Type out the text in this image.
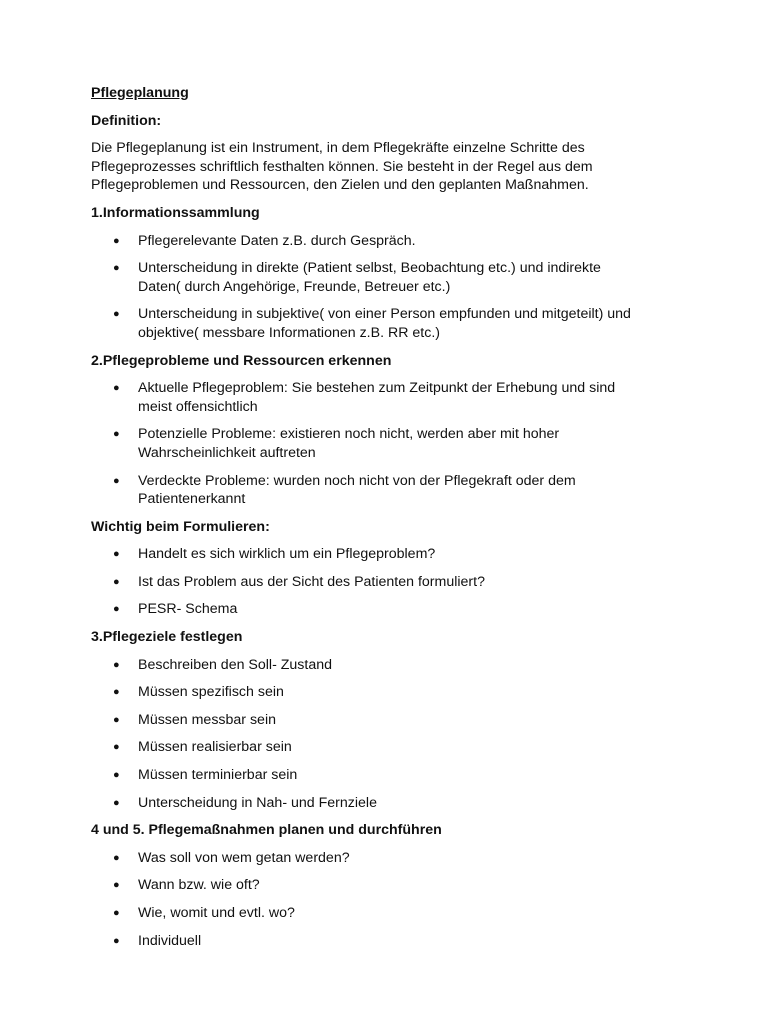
Pflegeplanung

Definition:

Die Pflegeplanung ist ein Instrument, in dem Pflegekräfte einzelne Schritte des
Pflegeprozesses schriftlich festhalten können. Sie besteht in der Regel aus dem
Pflegeproblemen und Ressourcen, den Zielen und den geplanten Maßnahmen.

1.Informationssammlung

● Pflegerelevante Daten z.B. durch Gespräch.
● Unterscheidung in direkte (Patient selbst, Beobachtung etc.) und indirekte
Daten( durch Angehörige, Freunde, Betreuer etc.)
● Unterscheidung in subjektive( von einer Person empfunden und mitgeteilt) und
objektive( messbare Informationen z.B. RR etc.)

2.Pflegeprobleme und Ressourcen erkennen

● Aktuelle Pflegeproblem: Sie bestehen zum Zeitpunkt der Erhebung und sind
meist offensichtlich
● Potenzielle Probleme: existieren noch nicht, werden aber mit hoher
Wahrscheinlichkeit auftreten
● Verdeckte Probleme: wurden noch nicht von der Pflegekraft oder dem
Patientenerkannt

Wichtig beim Formulieren:

● Handelt es sich wirklich um ein Pflegeproblem?
● Ist das Problem aus der Sicht des Patienten formuliert?
● PESR- Schema

3.Pflegeziele festlegen

● Beschreiben den Soll- Zustand
● Müssen spezifisch sein
● Müssen messbar sein
● Müssen realisierbar sein
● Müssen terminierbar sein
● Unterscheidung in Nah- und Fernziele

4 und 5. Pflegemaßnahmen planen und durchführen

● Was soll von wem getan werden?
● Wann bzw. wie oft?
● Wie, womit und evtl. wo?
● Individuell
